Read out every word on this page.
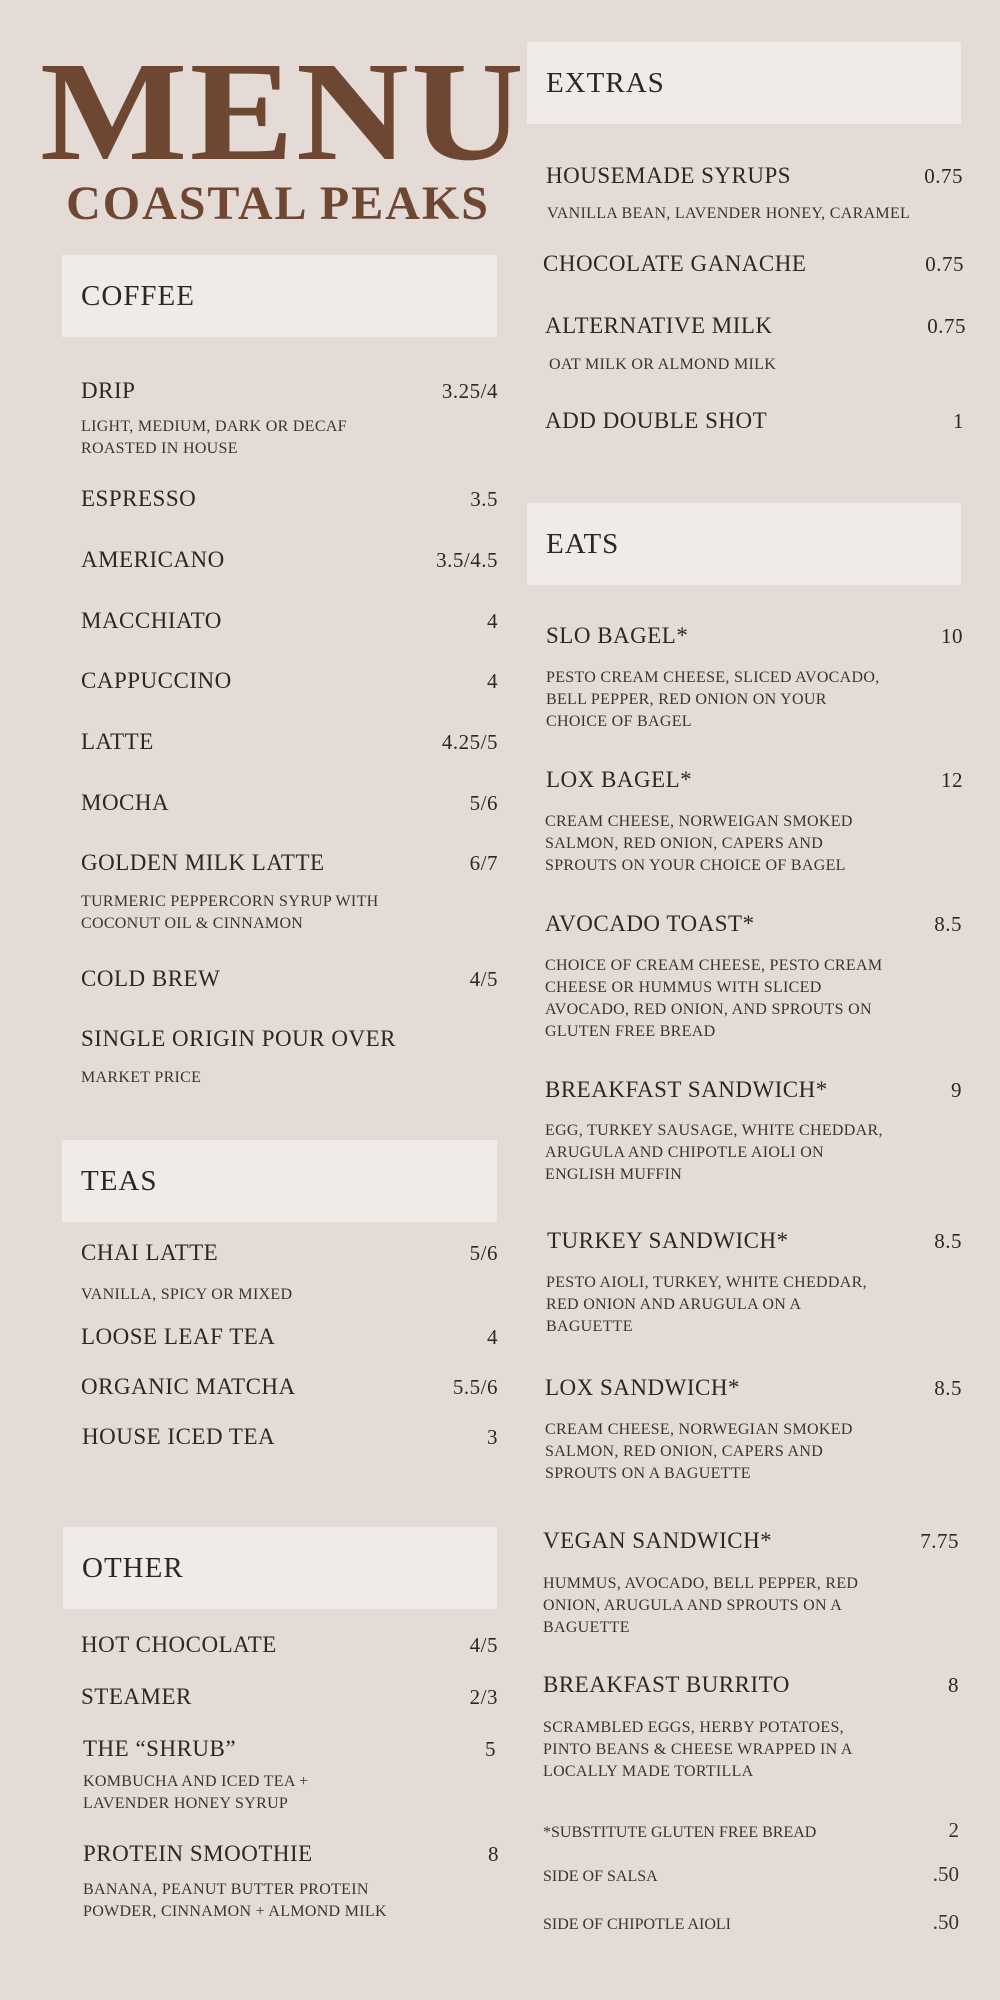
MENU
COASTAL PEAKS
COFFEE
DRIP	3.25/4
LIGHT, MEDIUM, DARK OR DECAF
ROASTED IN HOUSE
ESPRESSO	3.5
AMERICANO	3.5/4.5
MACCHIATO	4
CAPPUCCINO	4
LATTE	4.25/5
MOCHA	5/6
GOLDEN MILK LATTE	6/7
TURMERIC PEPPERCORN SYRUP WITH
COCONUT OIL & CINNAMON
COLD BREW	4/5
SINGLE ORIGIN POUR OVER
MARKET PRICE
TEAS
CHAI LATTE	5/6
VANILLA, SPICY OR MIXED
LOOSE LEAF TEA	4
ORGANIC MATCHA	5.5/6
HOUSE ICED TEA	3
OTHER
HOT CHOCOLATE	4/5
STEAMER	2/3
THE “SHRUB”	5
KOMBUCHA AND ICED TEA +
LAVENDER HONEY SYRUP
PROTEIN SMOOTHIE	8
BANANA, PEANUT BUTTER PROTEIN
POWDER, CINNAMON + ALMOND MILK
EXTRAS
HOUSEMADE SYRUPS	0.75
VANILLA BEAN, LAVENDER HONEY, CARAMEL
CHOCOLATE GANACHE	0.75
ALTERNATIVE MILK	0.75
OAT MILK OR ALMOND MILK
ADD DOUBLE SHOT	1
EATS
SLO BAGEL*	10
PESTO CREAM CHEESE, SLICED AVOCADO,
BELL PEPPER, RED ONION ON YOUR
CHOICE OF BAGEL
LOX BAGEL*	12
CREAM CHEESE, NORWEIGAN SMOKED
SALMON, RED ONION, CAPERS AND
SPROUTS ON YOUR CHOICE OF BAGEL
AVOCADO TOAST*	8.5
CHOICE OF CREAM CHEESE, PESTO CREAM
CHEESE OR HUMMUS WITH SLICED
AVOCADO, RED ONION, AND SPROUTS ON
GLUTEN FREE BREAD
BREAKFAST SANDWICH*	9
EGG, TURKEY SAUSAGE, WHITE CHEDDAR,
ARUGULA AND CHIPOTLE AIOLI ON
ENGLISH MUFFIN
TURKEY SANDWICH*	8.5
PESTO AIOLI, TURKEY, WHITE CHEDDAR,
RED ONION AND ARUGULA ON A
BAGUETTE
LOX SANDWICH*	8.5
CREAM CHEESE, NORWEGIAN SMOKED
SALMON, RED ONION, CAPERS AND
SPROUTS ON A BAGUETTE
VEGAN SANDWICH*	7.75
HUMMUS, AVOCADO, BELL PEPPER, RED
ONION, ARUGULA AND SPROUTS ON A
BAGUETTE
BREAKFAST BURRITO	8
SCRAMBLED EGGS, HERBY POTATOES,
PINTO BEANS & CHEESE WRAPPED IN A
LOCALLY MADE TORTILLA
*SUBSTITUTE GLUTEN FREE BREAD	2
SIDE OF SALSA	.50
SIDE OF CHIPOTLE AIOLI	.50
